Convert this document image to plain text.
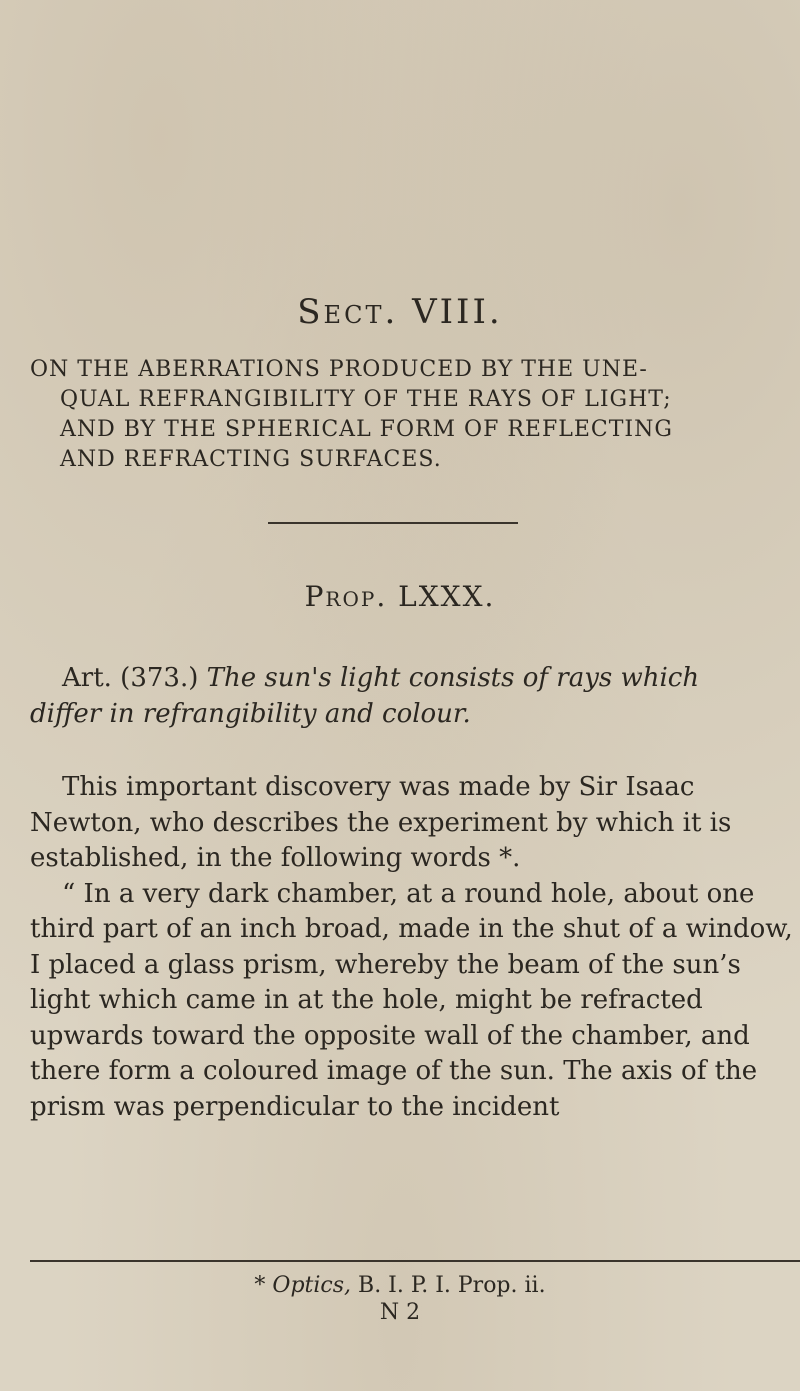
Sect. VIII.
ON THE ABERRATIONS PRODUCED BY THE UNE-
QUAL REFRANGIBILITY OF THE RAYS OF LIGHT;
AND BY THE SPHERICAL FORM OF REFLECTING
AND REFRACTING SURFACES.
Prop. LXXX.
Art. (373.) The sun's light consists of rays which
differ in refrangibility and colour.

This important discovery was made by Sir Isaac Newton, who describes the experiment by which it is established, in the following words *.

“ In a very dark chamber, at a round hole, about one third part of an inch broad, made in the shut of a window, I placed a glass prism, whereby the beam of the sun’s light which came in at the hole, might be refracted upwards toward the opposite wall of the chamber, and there form a coloured image of the sun. The axis of the prism was perpendicular to the incident

* Optics, B. I. P. I. Prop. ii.
N 2
